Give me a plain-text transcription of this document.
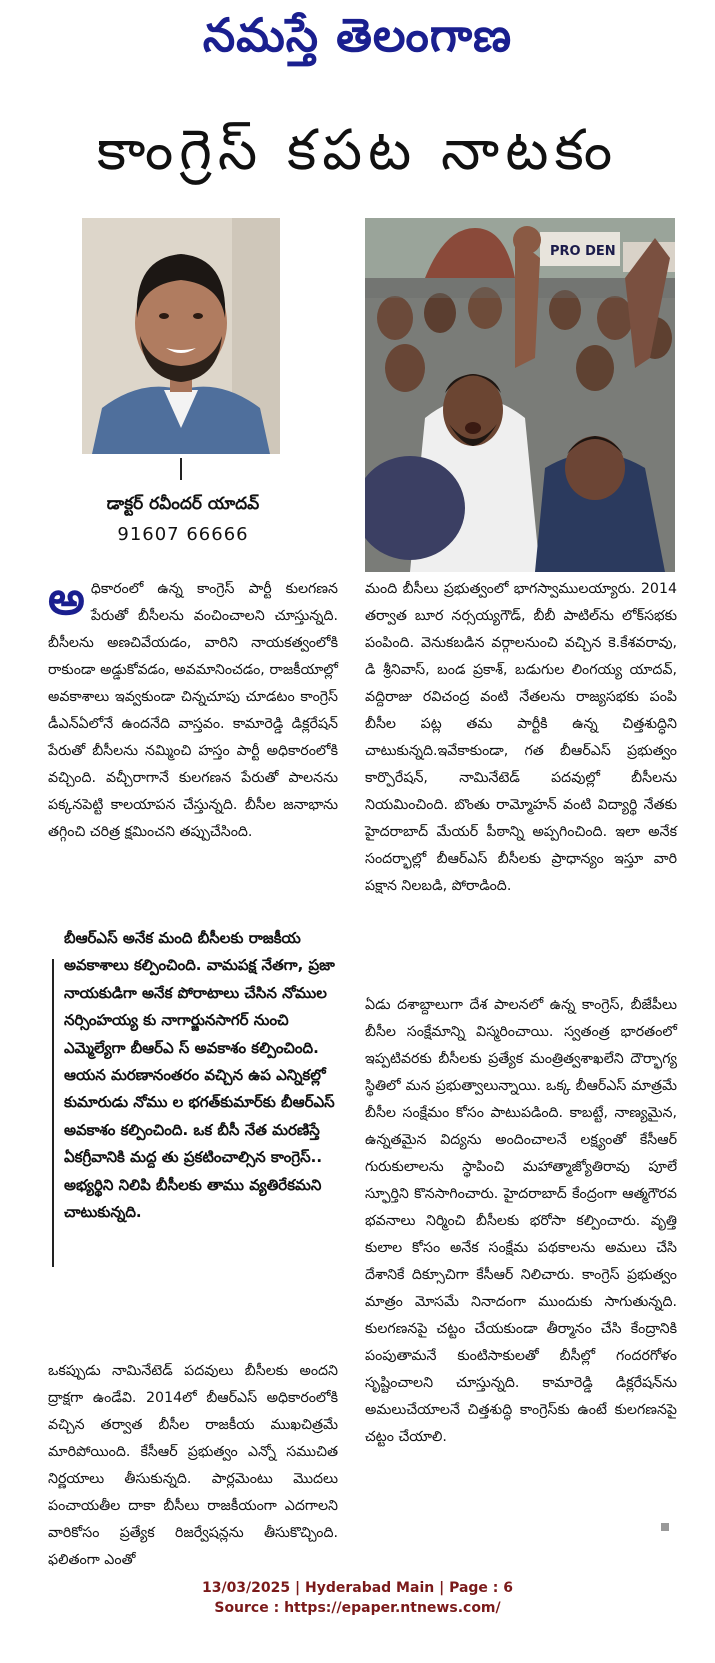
నమస్తే తెలంగాణ
కాంగ్రెస్ కపట నాటకం
డాక్టర్ రవీందర్ యాదవ్
91607 66666
PRO DEN

అధికారంలో ఉన్న కాంగ్రెస్ పార్టీ కులగణన పేరుతో బీసీలను వంచించాలని చూస్తున్నది. బీసీలను అణచివేయడం, వారిని నాయకత్వంలోకి రాకుండా అడ్డుకోవడం, అవమానించడం, రాజకీయాల్లో అవకాశాలు ఇవ్వకుండా చిన్నచూపు చూడటం కాంగ్రెస్ డీఎన్ఏలోనే ఉందనేది వాస్తవం. కామారెడ్డి డిక్లరేషన్ పేరుతో బీసీలను నమ్మించి హస్తం పార్టీ అధికారంలోకి వచ్చింది. వచ్చీరాగానే కులగణన పేరుతో పాలనను పక్కనపెట్టి కాలయాపన చేస్తున్నది. బీసీల జనాభాను తగ్గించి చరిత్ర క్షమించని తప్పుచేసింది.

బీఆర్ఎస్ అనేక మంది బీసీలకు రాజకీయ అవకాశాలు కల్పించింది. వామపక్ష నేతగా, ప్రజా నాయకుడిగా అనేక పోరాటాలు చేసిన నోముల నర్సింహయ్య కు నాగార్జునసాగర్ నుంచి ఎమ్మెల్యేగా బీఆర్ఎ స్ అవకాశం కల్పించింది. ఆయన మరణానంతరం వచ్చిన ఉప ఎన్నికల్లో కుమారుడు నోము ల భగత్‌కుమార్‌కు బీఆర్ఎస్ అవకాశం కల్పించింది. ఒక బీసీ నేత మరణిస్తే ఏకగ్రీవానికి మద్ద తు ప్రకటించాల్సిన కాంగ్రెస్.. అభ్యర్థిని నిలిపి బీసీలకు తాము వ్యతిరేకమని చాటుకున్నది.

ఒకప్పుడు నామినేటెడ్ పదవులు బీసీలకు అందని ద్రాక్షగా ఉండేవి. 2014లో బీఆర్ఎస్ అధికారంలోకి వచ్చిన తర్వాత బీసీల రాజకీయ ముఖచిత్రమే మారిపోయింది. కేసీఆర్ ప్రభుత్వం ఎన్నో సముచిత నిర్ణయాలు తీసుకున్నది. పార్లమెంటు మొదలు పంచాయతీల దాకా బీసీలు రాజకీయంగా ఎదగాలని వారికోసం ప్రత్యేక రిజర్వేషన్లను తీసుకొచ్చింది. ఫలితంగా ఎంతో

మంది బీసీలు ప్రభుత్వంలో భాగస్వాములయ్యారు. 2014 తర్వాత బూర నర్సయ్యగౌడ్, బీబీ పాటిల్‌ను లోక్‌సభకు పంపింది. వెనుకబడిన వర్గాలనుంచి వచ్చిన కె.కేశవరావు, డి శ్రీనివాస్, బండ ప్రకాశ్, బడుగుల లింగయ్య యాదవ్, వద్దిరాజు రవిచంద్ర వంటి నేతలను రాజ్యసభకు పంపి బీసీల పట్ల తమ పార్టీకి ఉన్న చిత్తశుద్ధిని చాటుకున్నది.ఇవేకాకుండా, గత బీఆర్ఎస్ ప్రభుత్వం కార్పొరేషన్, నామినేటెడ్ పదవుల్లో బీసీలను నియమించింది. బొంతు రామ్మోహన్ వంటి విద్యార్థి నేతకు హైదరాబాద్ మేయర్ పీఠాన్ని అప్పగించింది. ఇలా అనేక సందర్భాల్లో బీఆర్ఎస్ బీసీలకు ప్రాధాన్యం ఇస్తూ వారి పక్షాన నిలబడి, పోరాడింది.

ఏడు దశాబ్దాలుగా దేశ పాలనలో ఉన్న కాంగ్రెస్, బీజేపీలు బీసీల సంక్షేమాన్ని విస్మరించాయి. స్వతంత్ర భారతంలో ఇప్పటివరకు బీసీలకు ప్రత్యేక మంత్రిత్వశాఖలేని దౌర్భాగ్య స్థితిలో మన ప్రభుత్వాలున్నాయి. ఒక్క బీఆర్ఎస్ మాత్రమే బీసీల సంక్షేమం కోసం పాటుపడింది. కాబట్టే, నాణ్యమైన, ఉన్నతమైన విద్యను అందించాలనే లక్ష్యంతో కేసీఆర్ గురుకులాలను స్థాపించి మహాత్మాజ్యోతిరావు పూలే స్ఫూర్తిని కొనసాగించారు. హైదరాబాద్ కేంద్రంగా ఆత్మగౌరవ భవనాలు నిర్మించి బీసీలకు భరోసా కల్పించారు. వృత్తి కులాల కోసం అనేక సంక్షేమ పథకాలను అమలు చేసి దేశానికే దిక్సూచిగా కేసీఆర్ నిలిచారు. కాంగ్రెస్ ప్రభుత్వం మాత్రం మోసమే నినాదంగా ముందుకు సాగుతున్నది. కులగణనపై చట్టం చేయకుండా తీర్మానం చేసి కేంద్రానికి పంపుతామనే కుంటిసాకులతో బీసీల్లో గందరగోళం సృష్టించాలని చూస్తున్నది. కామారెడ్డి డిక్లరేషన్‌ను అమలుచేయాలనే చిత్తశుద్ధి కాంగ్రెస్‌కు ఉంటే కులగణనపై చట్టం చేయాలి.

13/03/2025 | Hyderabad Main | Page : 6
Source : https://epaper.ntnews.com/
